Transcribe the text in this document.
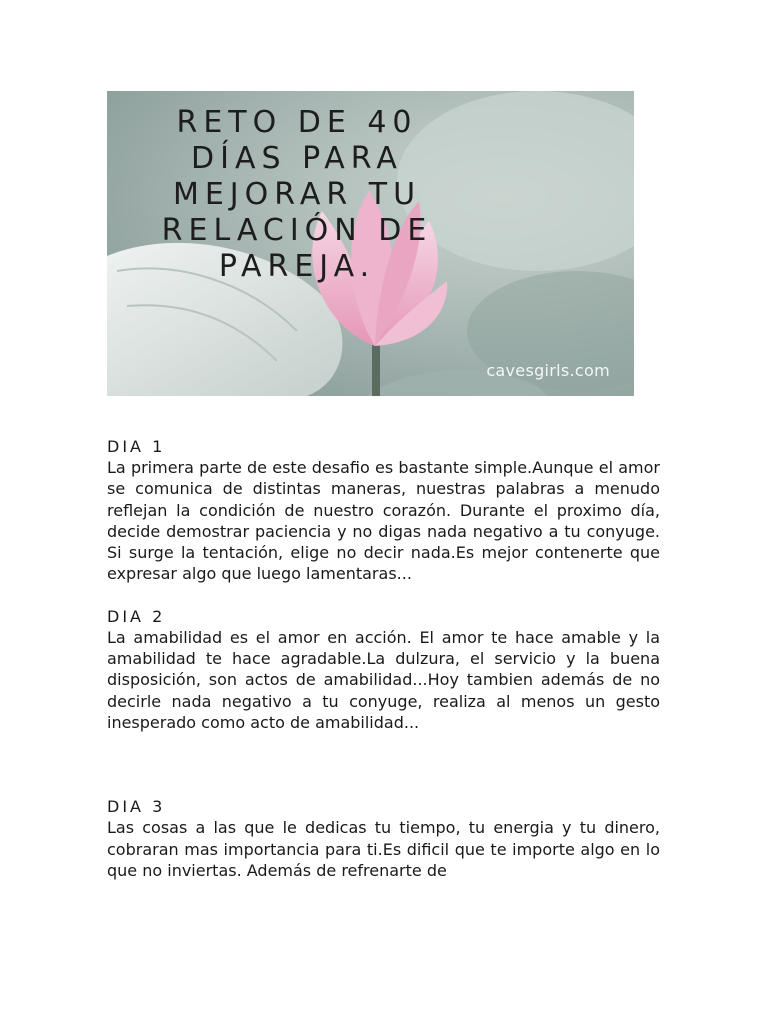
RETO DE 40
DÍAS PARA
MEJORAR TU
RELACIÓN DE
PAREJA.
cavesgirls.com
DIA 1

La primera parte de este desafio es bastante simple.Aunque el amor se comunica de distintas maneras, nuestras palabras a menudo reflejan la condición de nuestro corazón. Durante el proximo día, decide demostrar paciencia y no digas nada negativo a tu conyuge. Si surge la tentación, elige no decir nada.Es mejor contenerte que expresar algo que luego lamentaras...

DIA 2

La amabilidad es el amor en acción. El amor te hace amable y la amabilidad te hace agradable.La dulzura, el servicio y la buena disposición, son actos de amabilidad...Hoy tambien además de no decirle nada negativo a tu conyuge, realiza al menos un gesto inesperado como acto de amabilidad...

DIA 3

Las cosas a las que le dedicas tu tiempo, tu energia y tu dinero, cobraran mas importancia para ti.Es dificil que te importe algo en lo que no inviertas. Además de refrenarte de
